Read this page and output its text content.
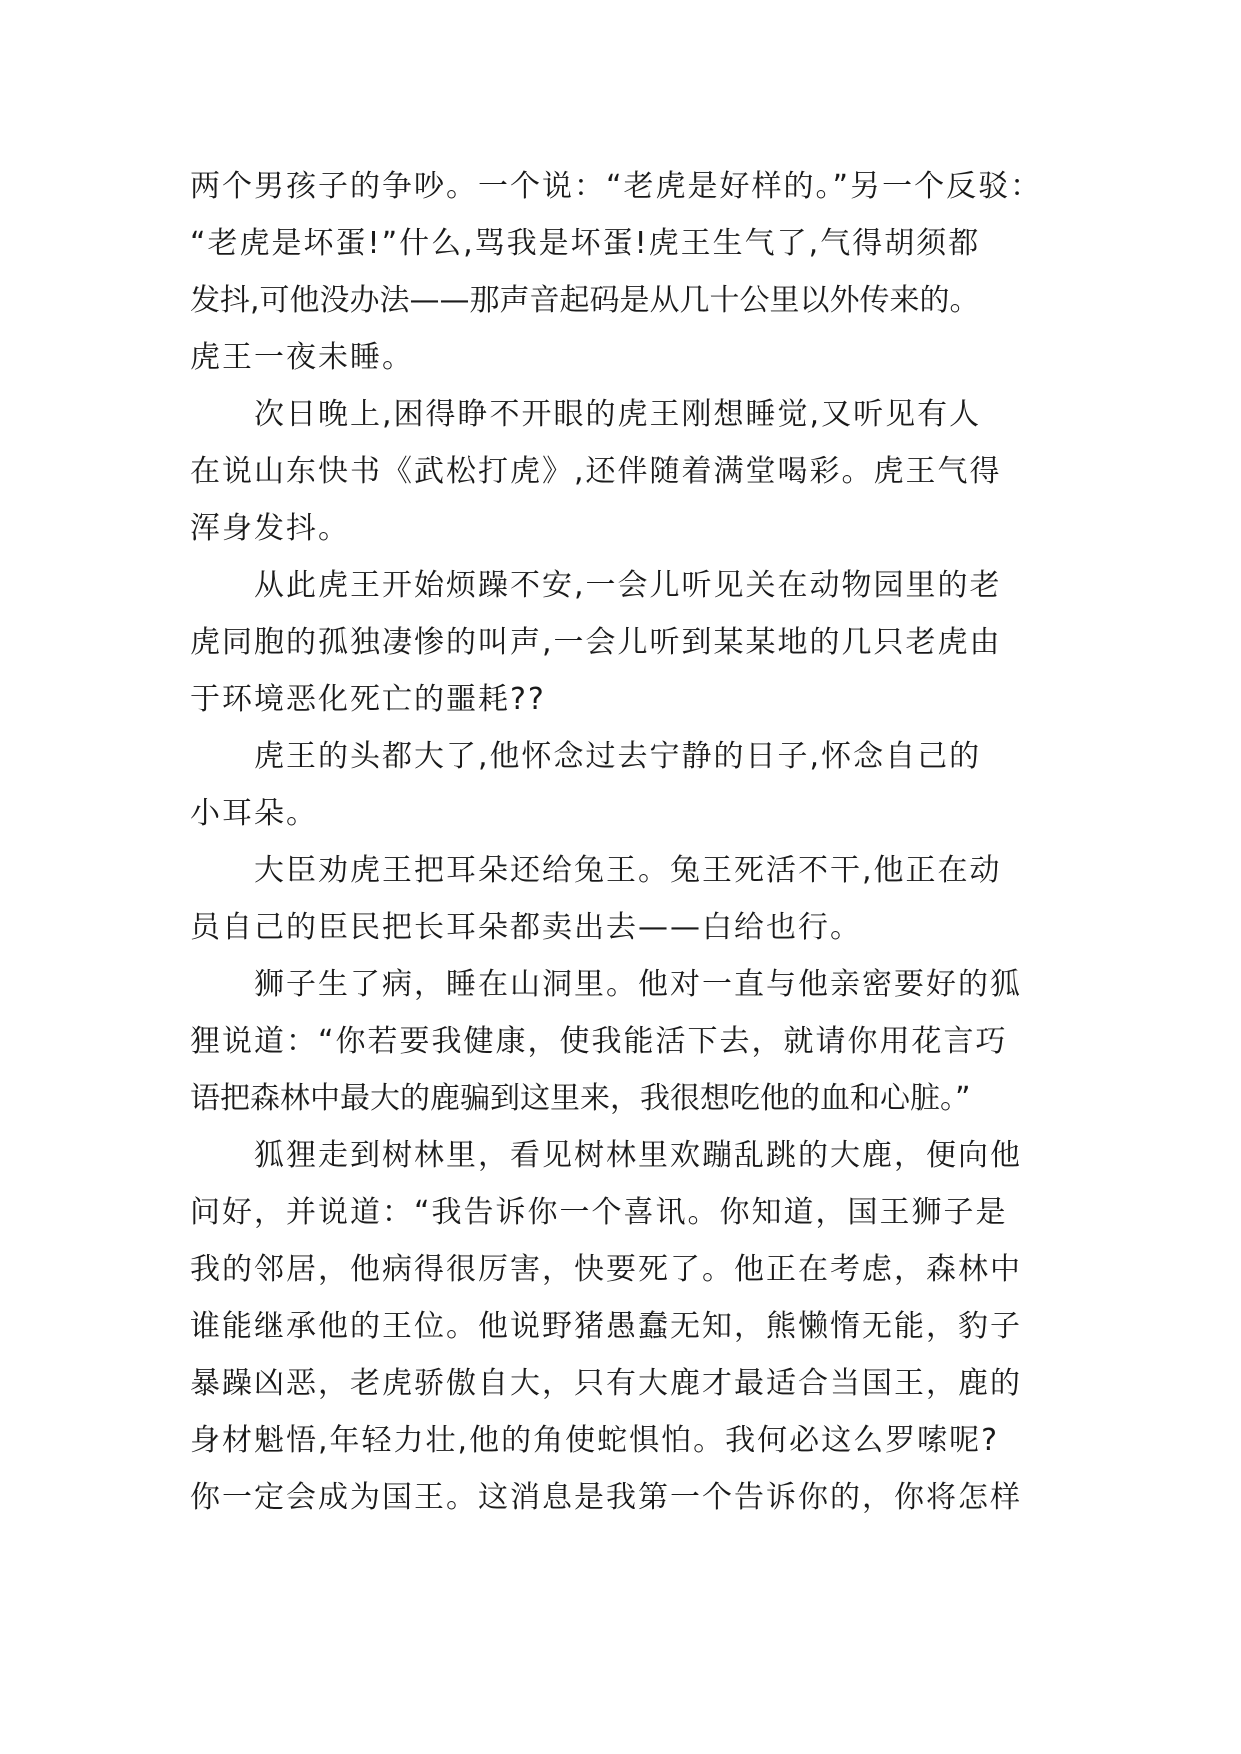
两个男孩子的争吵。一个说：“老虎是好样的。”另一个反驳：
“老虎是坏蛋!”什么,骂我是坏蛋!虎王生气了,气得胡须都
发抖,可他没办法——那声音起码是从几十公里以外传来的。
虎王一夜未睡。
次日晚上,困得睁不开眼的虎王刚想睡觉,又听见有人
在说山东快书《武松打虎》,还伴随着满堂喝彩。虎王气得
浑身发抖。
从此虎王开始烦躁不安,一会儿听见关在动物园里的老
虎同胞的孤独凄惨的叫声,一会儿听到某某地的几只老虎由
于环境恶化死亡的噩耗??
虎王的头都大了,他怀念过去宁静的日子,怀念自己的
小耳朵。
大臣劝虎王把耳朵还给兔王。兔王死活不干,他正在动
员自己的臣民把长耳朵都卖出去——白给也行。
狮子生了病，睡在山洞里。他对一直与他亲密要好的狐
狸说道：“你若要我健康，使我能活下去，就请你用花言巧
语把森林中最大的鹿骗到这里来，我很想吃他的血和心脏。”
狐狸走到树林里，看见树林里欢蹦乱跳的大鹿，便向他
问好，并说道：“我告诉你一个喜讯。你知道，国王狮子是
我的邻居，他病得很厉害，快要死了。他正在考虑，森林中
谁能继承他的王位。他说野猪愚蠢无知，熊懒惰无能，豹子
暴躁凶恶，老虎骄傲自大，只有大鹿才最适合当国王，鹿的
身材魁悟,年轻力壮,他的角使蛇惧怕。我何必这么罗嗦呢?
你一定会成为国王。这消息是我第一个告诉你的，你将怎样
